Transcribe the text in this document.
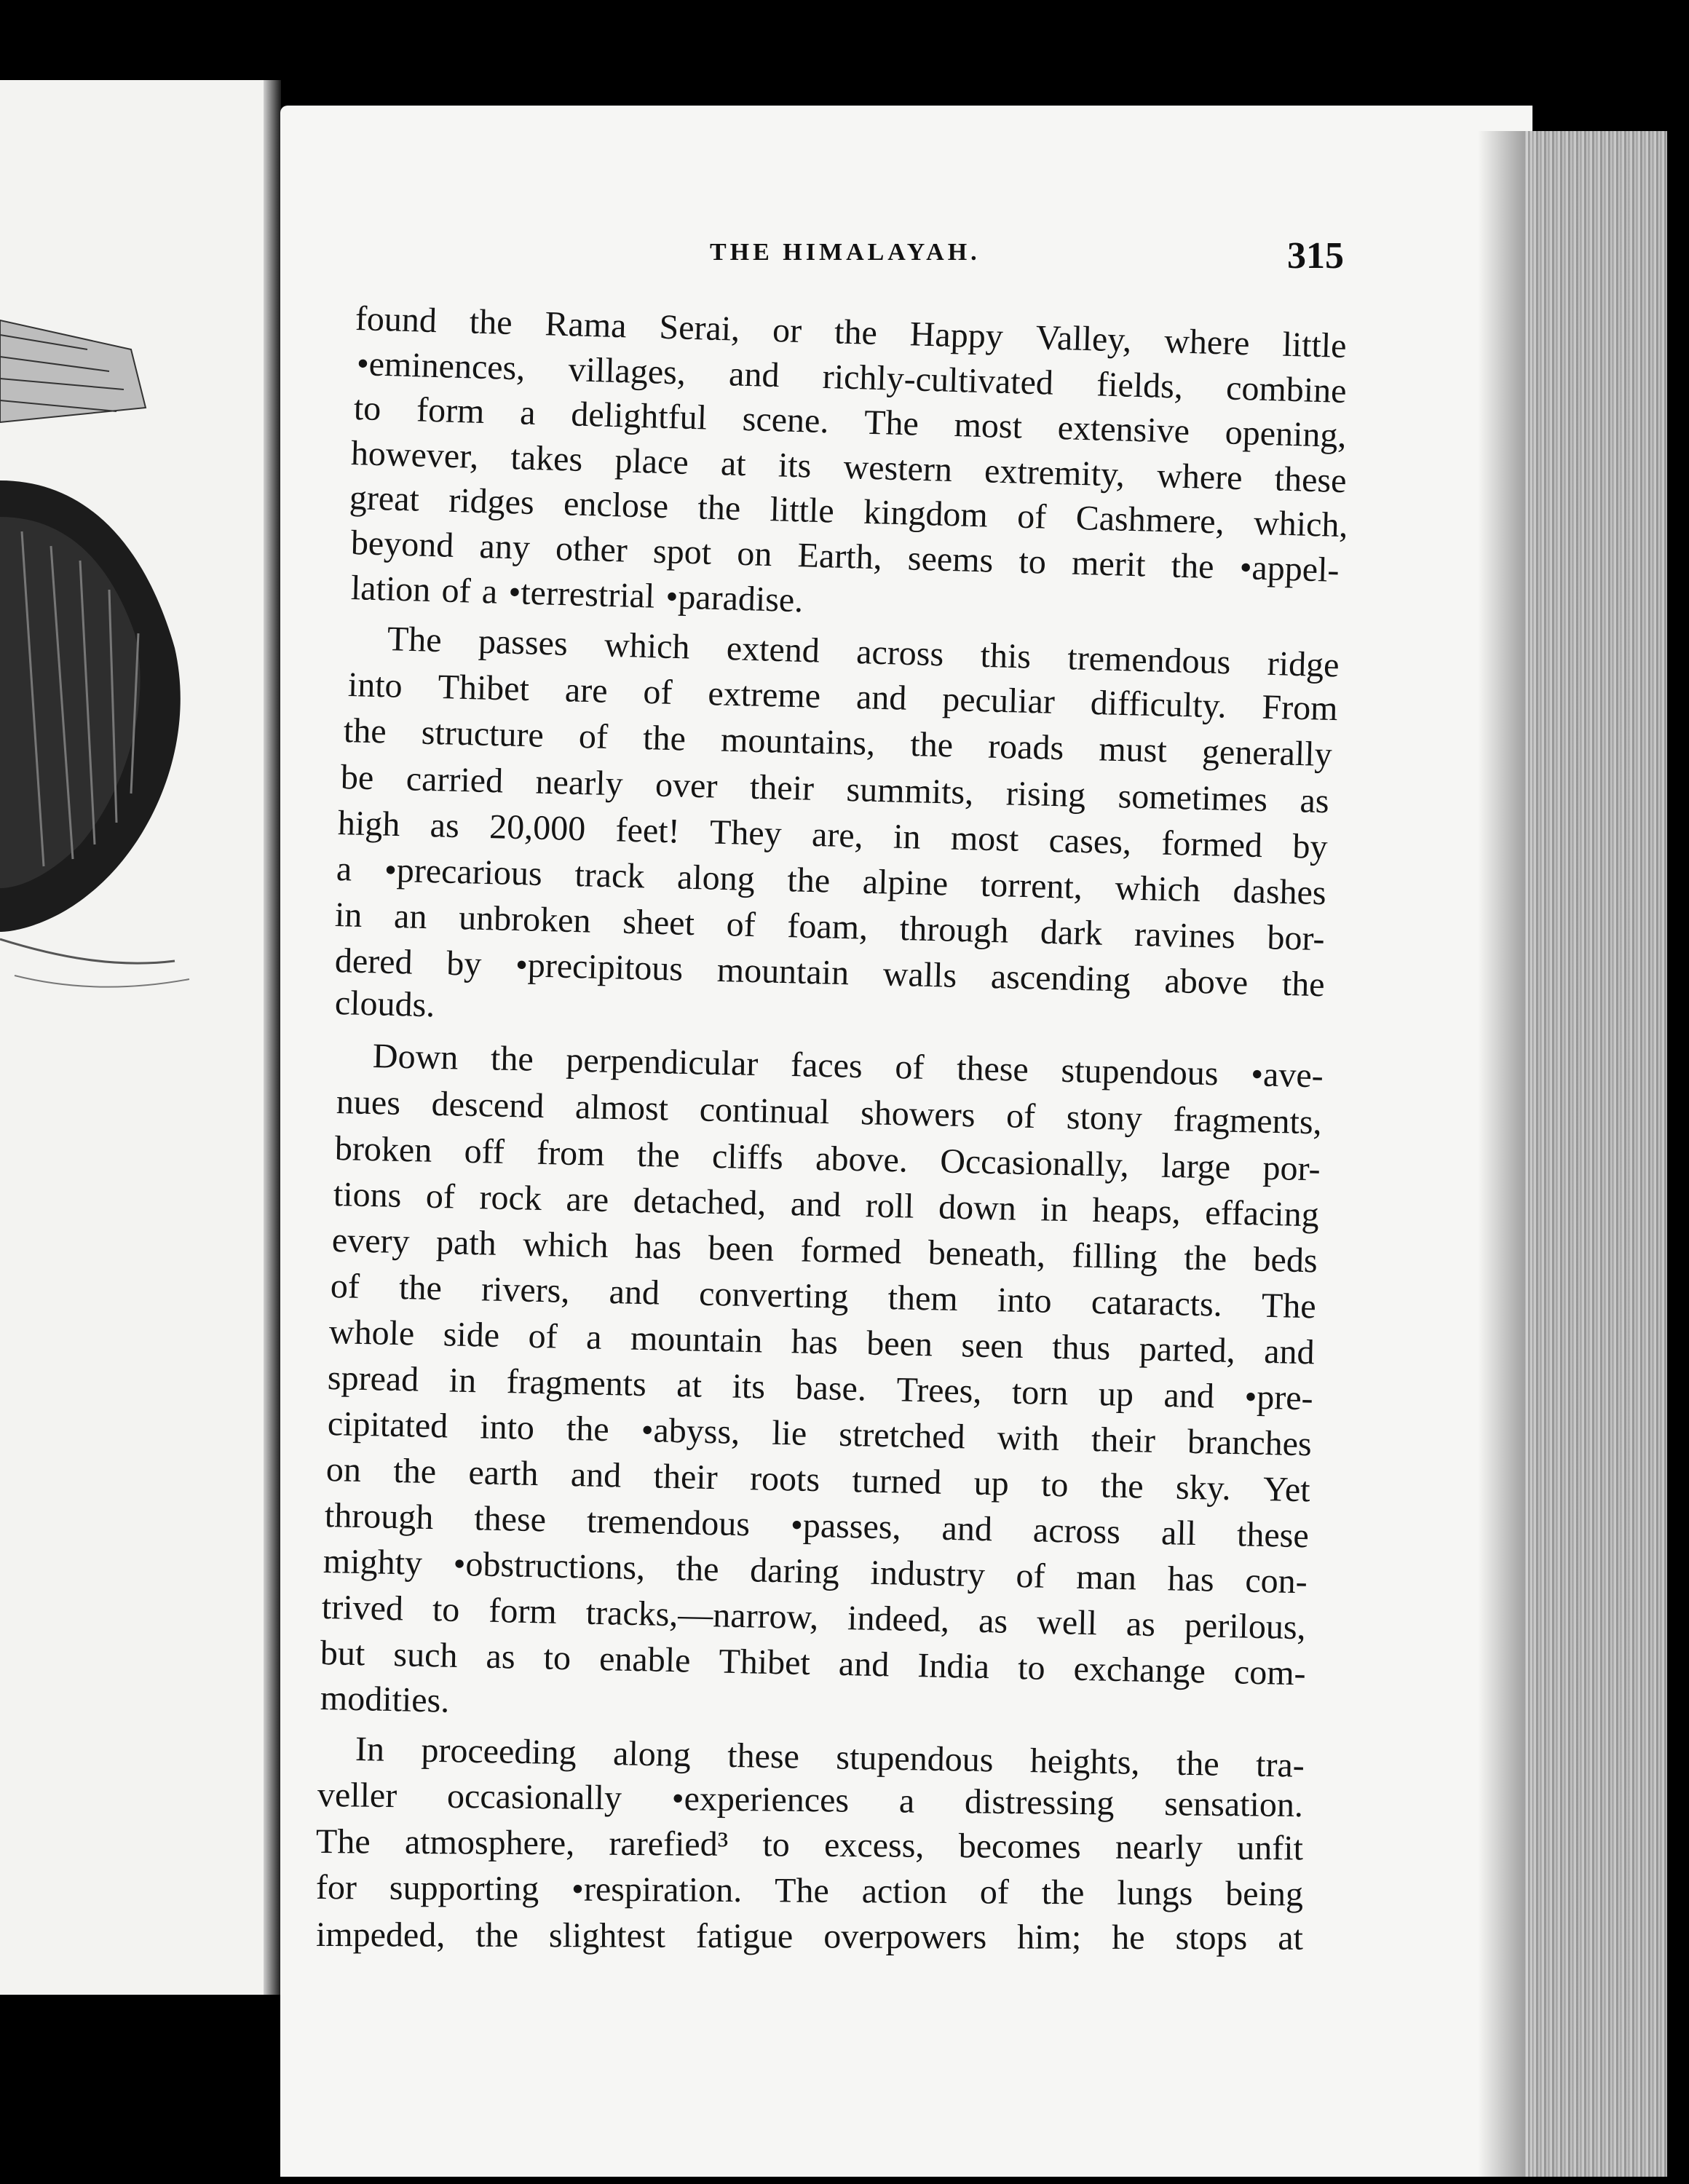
THE HIMALAYAH.	315
found the Rama Serai, or the Happy Valley, where little
•eminences, villages, and richly-cultivated fields, combine
to form a delightful scene. The most extensive opening,
however, takes place at its western extremity, where these
great ridges enclose the little kingdom of Cashmere, which,
beyond any other spot on Earth, seems to merit the •appel-
lation of a •terrestrial •paradise.
The passes which extend across this tremendous ridge
into Thibet are of extreme and peculiar difficulty. From
the structure of the mountains, the roads must generally
be carried nearly over their summits, rising sometimes as
high as 20,000 feet! They are, in most cases, formed by
a •precarious track along the alpine torrent, which dashes
in an unbroken sheet of foam, through dark ravines bor-
dered by •precipitous mountain walls ascending above the
clouds.
Down the perpendicular faces of these stupendous •ave-
nues descend almost continual showers of stony fragments,
broken off from the cliffs above. Occasionally, large por-
tions of rock are detached, and roll down in heaps, effacing
every path which has been formed beneath, filling the beds
of the rivers, and converting them into cataracts. The
whole side of a mountain has been seen thus parted, and
spread in fragments at its base. Trees, torn up and •pre-
cipitated into the •abyss, lie stretched with their branches
on the earth and their roots turned up to the sky. Yet
through these tremendous •passes, and across all these
mighty •obstructions, the daring industry of man has con-
trived to form tracks,—narrow, indeed, as well as perilous,
but such as to enable Thibet and India to exchange com-
modities.
In proceeding along these stupendous heights, the tra-
veller occasionally •experiences a distressing sensation.
The atmosphere, rarefied³ to excess, becomes nearly unfit
for supporting •respiration. The action of the lungs being
impeded, the slightest fatigue overpowers him; he stops at
